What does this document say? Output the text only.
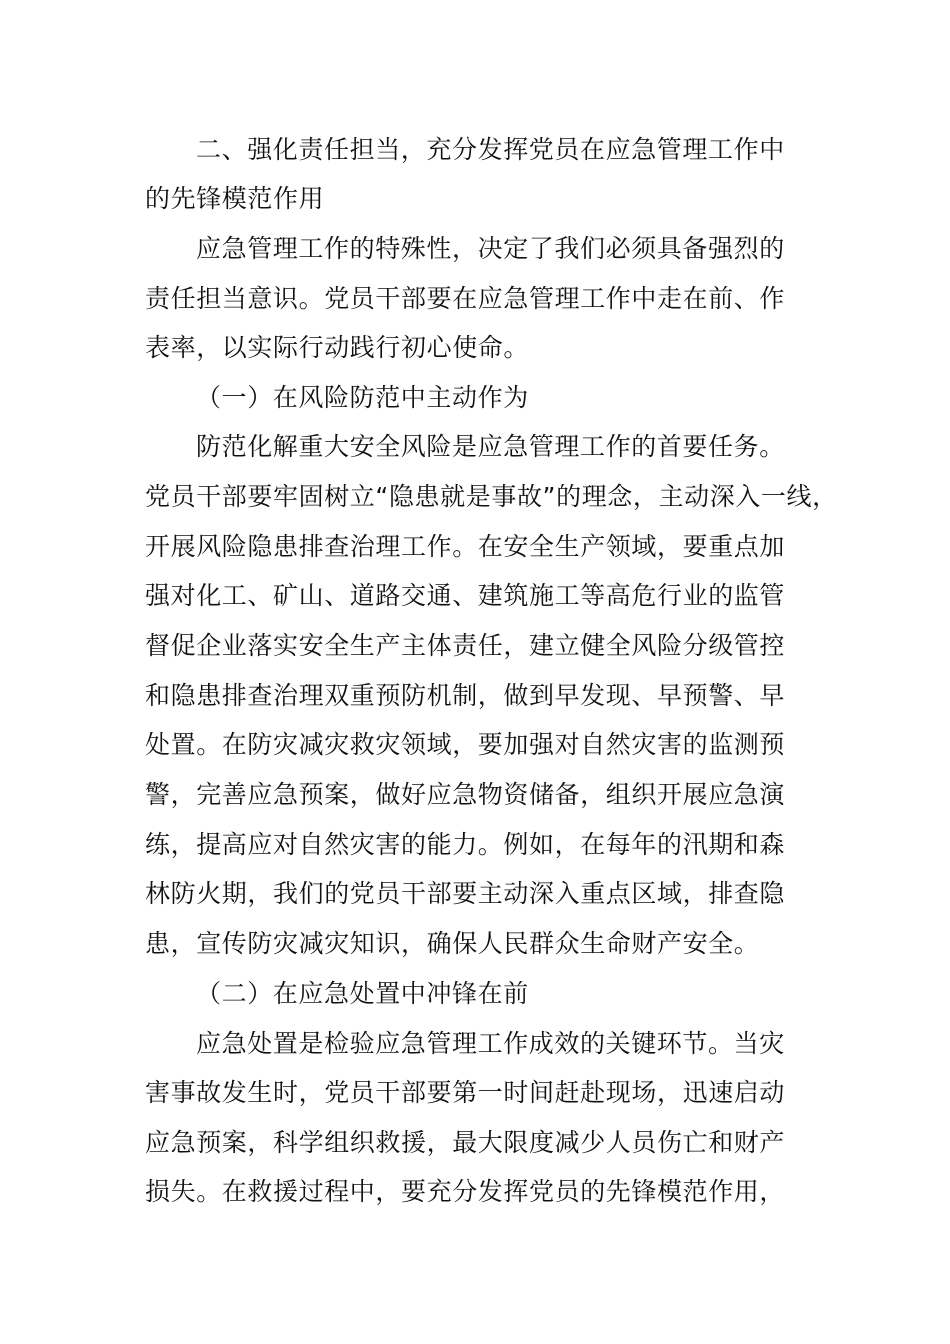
二、强化责任担当，充分发挥党员在应急管理工作中
的先锋模范作用
应急管理工作的特殊性，决定了我们必须具备强烈的
责任担当意识。党员干部要在应急管理工作中走在前、作
表率，以实际行动践行初心使命。
（一）在风险防范中主动作为
防范化解重大安全风险是应急管理工作的首要任务。
党员干部要牢固树立“隐患就是事故”的理念，主动深入一线，
开展风险隐患排查治理工作。在安全生产领域，要重点加
强对化工、矿山、道路交通、建筑施工等高危行业的监管
督促企业落实安全生产主体责任，建立健全风险分级管控
和隐患排查治理双重预防机制，做到早发现、早预警、早
处置。在防灾减灾救灾领域，要加强对自然灾害的监测预
警，完善应急预案，做好应急物资储备，组织开展应急演
练，提高应对自然灾害的能力。例如，在每年的汛期和森
林防火期，我们的党员干部要主动深入重点区域，排查隐
患，宣传防灾减灾知识，确保人民群众生命财产安全。
（二）在应急处置中冲锋在前
应急处置是检验应急管理工作成效的关键环节。当灾
害事故发生时，党员干部要第一时间赶赴现场，迅速启动
应急预案，科学组织救援，最大限度减少人员伤亡和财产
损失。在救援过程中，要充分发挥党员的先锋模范作用，
